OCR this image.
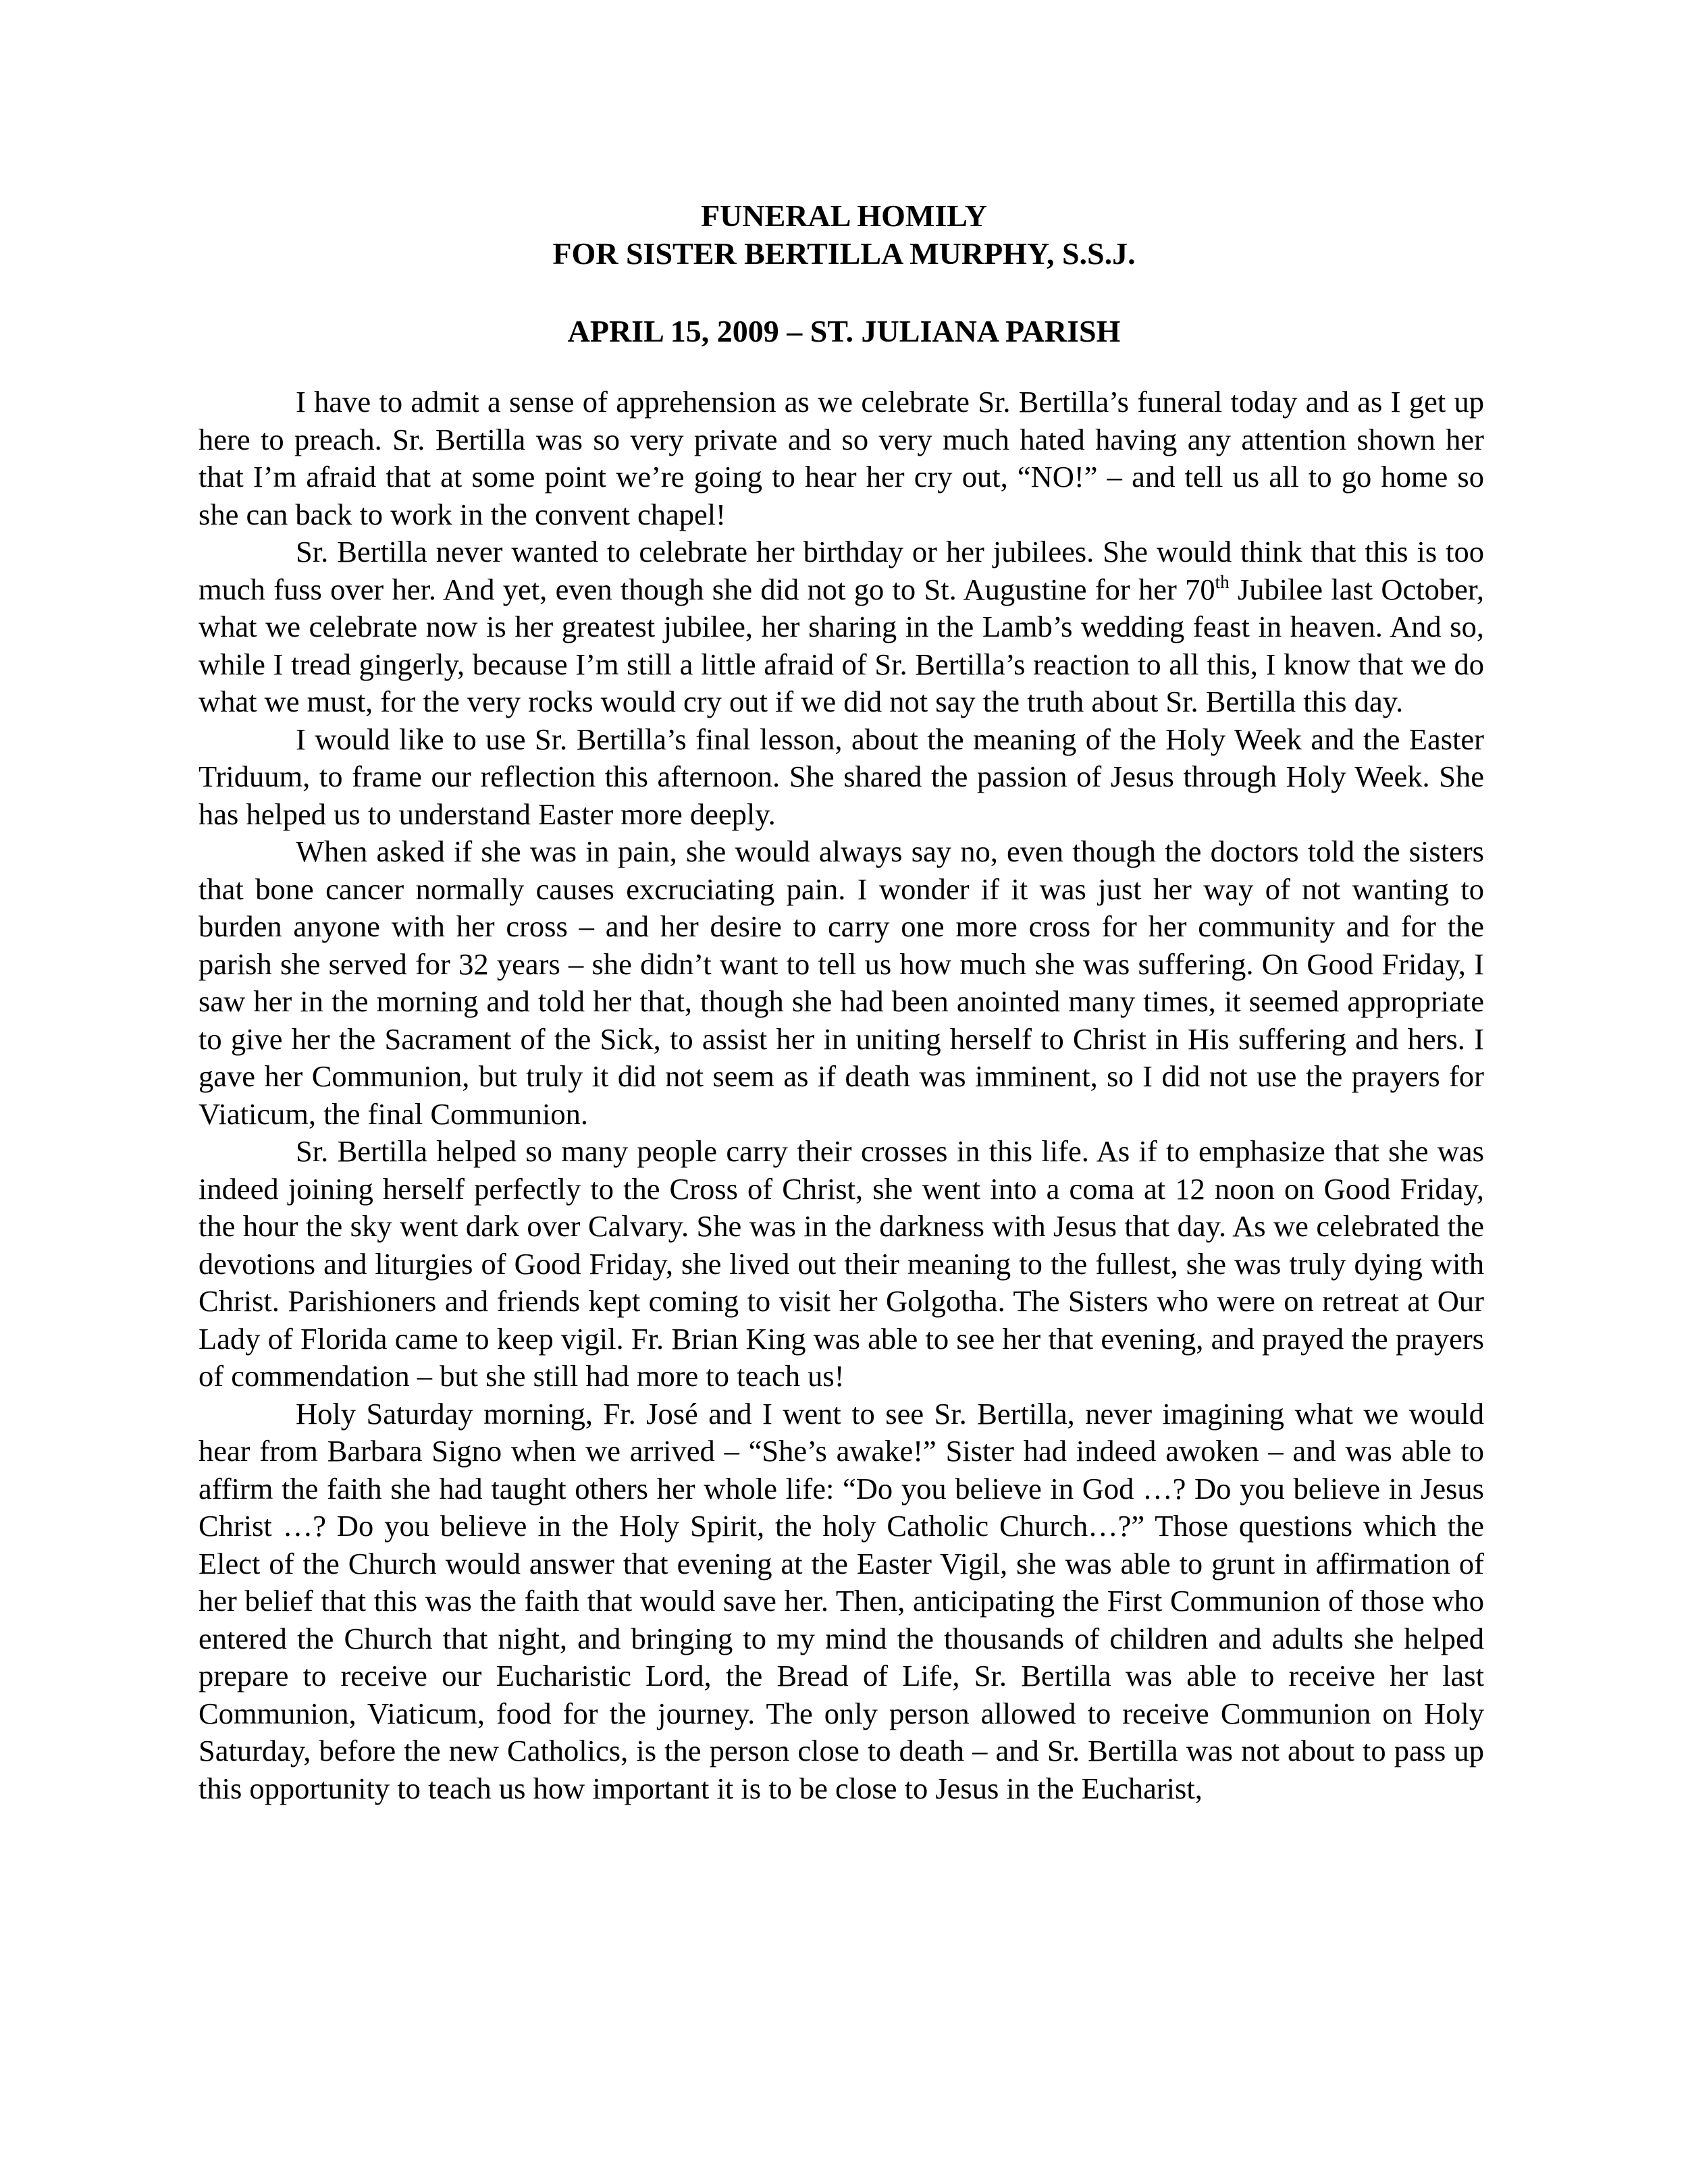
FUNERAL HOMILY
FOR SISTER BERTILLA MURPHY, S.S.J.
APRIL 15, 2009 – ST. JULIANA PARISH

I have to admit a sense of apprehension as we celebrate Sr. Bertilla’s funeral today and as I get up here to preach. Sr. Bertilla was so very private and so very much hated having any attention shown her that I’m afraid that at some point we’re going to hear her cry out, “NO!” – and tell us all to go home so she can back to work in the convent chapel!

Sr. Bertilla never wanted to celebrate her birthday or her jubilees. She would think that this is too much fuss over her. And yet, even though she did not go to St. Augustine for her 70th Jubilee last October, what we celebrate now is her greatest jubilee, her sharing in the Lamb’s wedding feast in heaven. And so, while I tread gingerly, because I’m still a little afraid of Sr. Bertilla’s reaction to all this, I know that we do what we must, for the very rocks would cry out if we did not say the truth about Sr. Bertilla this day.

I would like to use Sr. Bertilla’s final lesson, about the meaning of the Holy Week and the Easter Triduum, to frame our reflection this afternoon. She shared the passion of Jesus through Holy Week. She has helped us to understand Easter more deeply.

When asked if she was in pain, she would always say no, even though the doctors told the sisters that bone cancer normally causes excruciating pain. I wonder if it was just her way of not wanting to burden anyone with her cross – and her desire to carry one more cross for her community and for the parish she served for 32 years – she didn’t want to tell us how much she was suffering. On Good Friday, I saw her in the morning and told her that, though she had been anointed many times, it seemed appropriate to give her the Sacrament of the Sick, to assist her in uniting herself to Christ in His suffering and hers. I gave her Communion, but truly it did not seem as if death was imminent, so I did not use the prayers for Viaticum, the final Communion.

Sr. Bertilla helped so many people carry their crosses in this life. As if to emphasize that she was indeed joining herself perfectly to the Cross of Christ, she went into a coma at 12 noon on Good Friday, the hour the sky went dark over Calvary. She was in the darkness with Jesus that day. As we celebrated the devotions and liturgies of Good Friday, she lived out their meaning to the fullest, she was truly dying with Christ. Parishioners and friends kept coming to visit her Golgotha. The Sisters who were on retreat at Our Lady of Florida came to keep vigil. Fr. Brian King was able to see her that evening, and prayed the prayers of commendation – but she still had more to teach us!

Holy Saturday morning, Fr. José and I went to see Sr. Bertilla, never imagining what we would hear from Barbara Signo when we arrived – “She’s awake!” Sister had indeed awoken – and was able to affirm the faith she had taught others her whole life: “Do you believe in God …? Do you believe in Jesus Christ …? Do you believe in the Holy Spirit, the holy Catholic Church…?” Those questions which the Elect of the Church would answer that evening at the Easter Vigil, she was able to grunt in affirmation of her belief that this was the faith that would save her. Then, anticipating the First Communion of those who entered the Church that night, and bringing to my mind the thousands of children and adults she helped prepare to receive our Eucharistic Lord, the Bread of Life, Sr. Bertilla was able to receive her last Communion, Viaticum, food for the journey. The only person allowed to receive Communion on Holy Saturday, before the new Catholics, is the person close to death – and Sr. Bertilla was not about to pass up this opportunity to teach us how important it is to be close to Jesus in the Eucharist,
